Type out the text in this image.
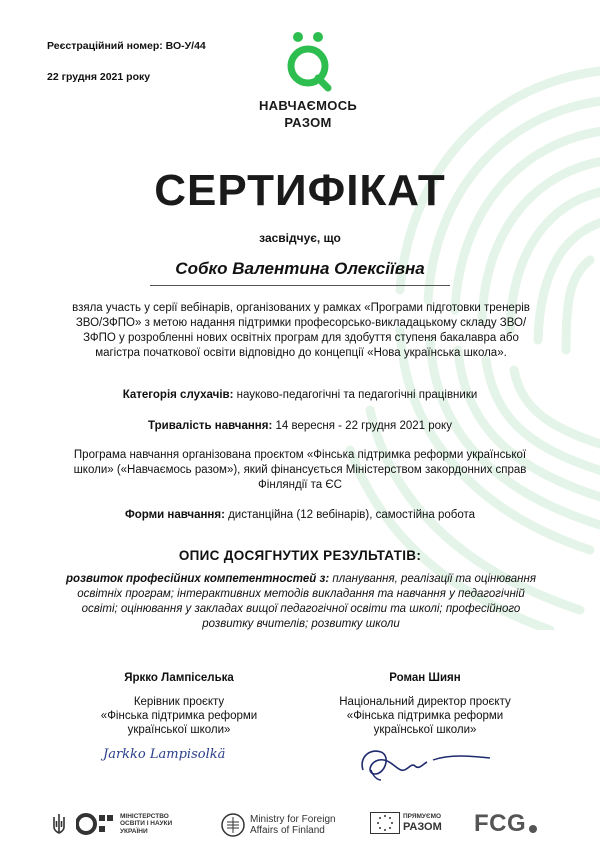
Реєстраційний номер: ВО-У/44
22 грудня 2021 року
НАВЧАЄМОСЬ
РАЗОМ
СЕРТИФІКАТ
засвідчує, що
Собко Валентина Олексіївна
взяла участь у серії вебінарів, організованих у рамках «Програми підготовки тренерів ЗВО/ЗФПО» з метою надання підтримки професорсько-викладацькому складу ЗВО/ЗФПО у розробленні нових освітніх програм для здобуття ступеня бакалавра або магістра початкової освіти відповідно до концепції «Нова українська школа».
Категорія слухачів: науково-педагогічні та педагогічні працівники
Тривалість навчання: 14 вересня - 22 грудня 2021 року
Програма навчання організована проєктом «Фінська підтримка реформи української школи» («Навчаємось разом»), який фінансується Міністерством закордонних справ Фінляндії та ЄС
Форми навчання: дистанційна (12 вебінарів), самостійна робота
ОПИС ДОСЯГНУТИХ РЕЗУЛЬТАТІВ:
розвиток професійних компетентностей з: планування, реалізації та оцінювання освітніх програм; інтерактивних методів викладання та навчання у педагогічній освіті; оцінювання у закладах вищої педагогічної освіти та школі; професійного розвитку вчителів; розвитку школи
Яркко Лампіселька
Керівник проєкту
«Фінська підтримка реформи
української школи»
Jarkko Lampisolkä
Роман Шиян
Національний директор проєкту
«Фінська підтримка реформи
української школи»
МІНІСТЕРСТВО
ОСВІТИ І НАУКИ
УКРАЇНИ
Ministry for Foreign
Affairs of Finland
ПРЯМУЄМО
РАЗОМ FCG
